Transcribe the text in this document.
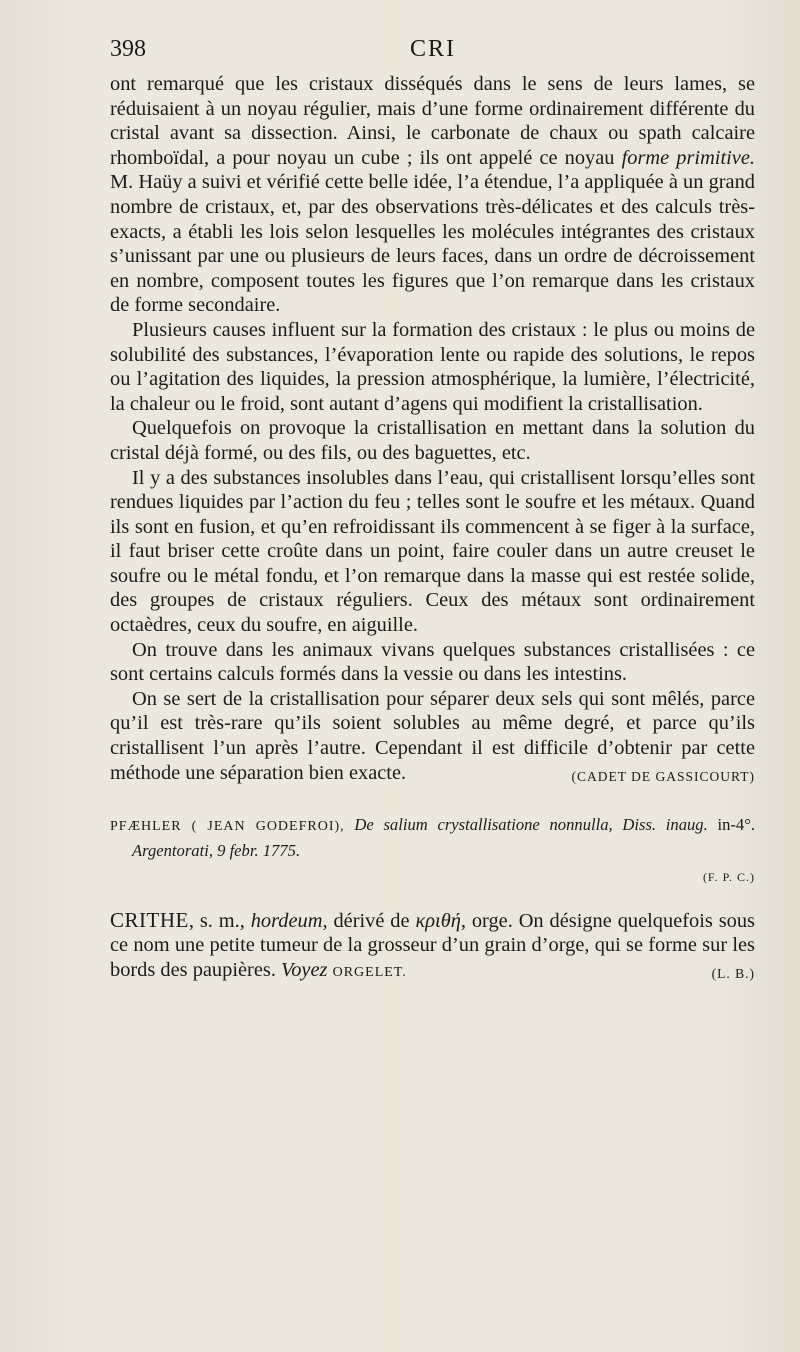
398	CRI

ont remarqué que les cristaux disséqués dans le sens de leurs lames, se réduisaient à un noyau régulier, mais d’une forme ordinairement différente du cristal avant sa dissection. Ainsi, le carbonate de chaux ou spath calcaire rhomboïdal, a pour noyau un cube ; ils ont appelé ce noyau forme primitive. M. Haüy a suivi et vérifié cette belle idée, l’a étendue, l’a appliquée à un grand nombre de cristaux, et, par des observations très-délicates et des calculs très-exacts, a établi les lois selon lesquelles les molécules intégrantes des cristaux s’unissant par une ou plusieurs de leurs faces, dans un ordre de décroissement en nombre, composent toutes les figures que l’on remarque dans les cristaux de forme secondaire.

Plusieurs causes influent sur la formation des cristaux : le plus ou moins de solubilité des substances, l’évaporation lente ou rapide des solutions, le repos ou l’agitation des liquides, la pression atmosphérique, la lumière, l’électricité, la chaleur ou le froid, sont autant d’agens qui modifient la cristallisation.

Quelquefois on provoque la cristallisation en mettant dans la solution du cristal déjà formé, ou des fils, ou des baguettes, etc.

Il y a des substances insolubles dans l’eau, qui cristallisent lorsqu’elles sont rendues liquides par l’action du feu ; telles sont le soufre et les métaux. Quand ils sont en fusion, et qu’en refroidissant ils commencent à se figer à la surface, il faut briser cette croûte dans un point, faire couler dans un autre creuset le soufre ou le métal fondu, et l’on remarque dans la masse qui est restée solide, des groupes de cristaux réguliers. Ceux des métaux sont ordinairement octaèdres, ceux du soufre, en aiguille.

On trouve dans les animaux vivans quelques substances cristallisées : ce sont certains calculs formés dans la vessie ou dans les intestins.

On se sert de la cristallisation pour séparer deux sels qui sont mêlés, parce qu’il est très-rare qu’ils soient solubles au même degré, et parce qu’ils cristallisent l’un après l’autre. Cependant il est difficile d’obtenir par cette méthode une séparation bien exacte.	(CADET DE GASSICOURT)

PFÆHLER ( JEAN GODEFROI), De salium crystallisatione nonnulla, Diss. inaug. in-4°. Argentorati, 9 febr. 1775.
(F. P. C.)
CRITHE, s. m., hordeum, dérivé de κριθή, orge. On désigne quelquefois sous ce nom une petite tumeur de la grosseur d’un grain d’orge, qui se forme sur les bords des paupières. Voyez ORGELET.	(L. B.)
